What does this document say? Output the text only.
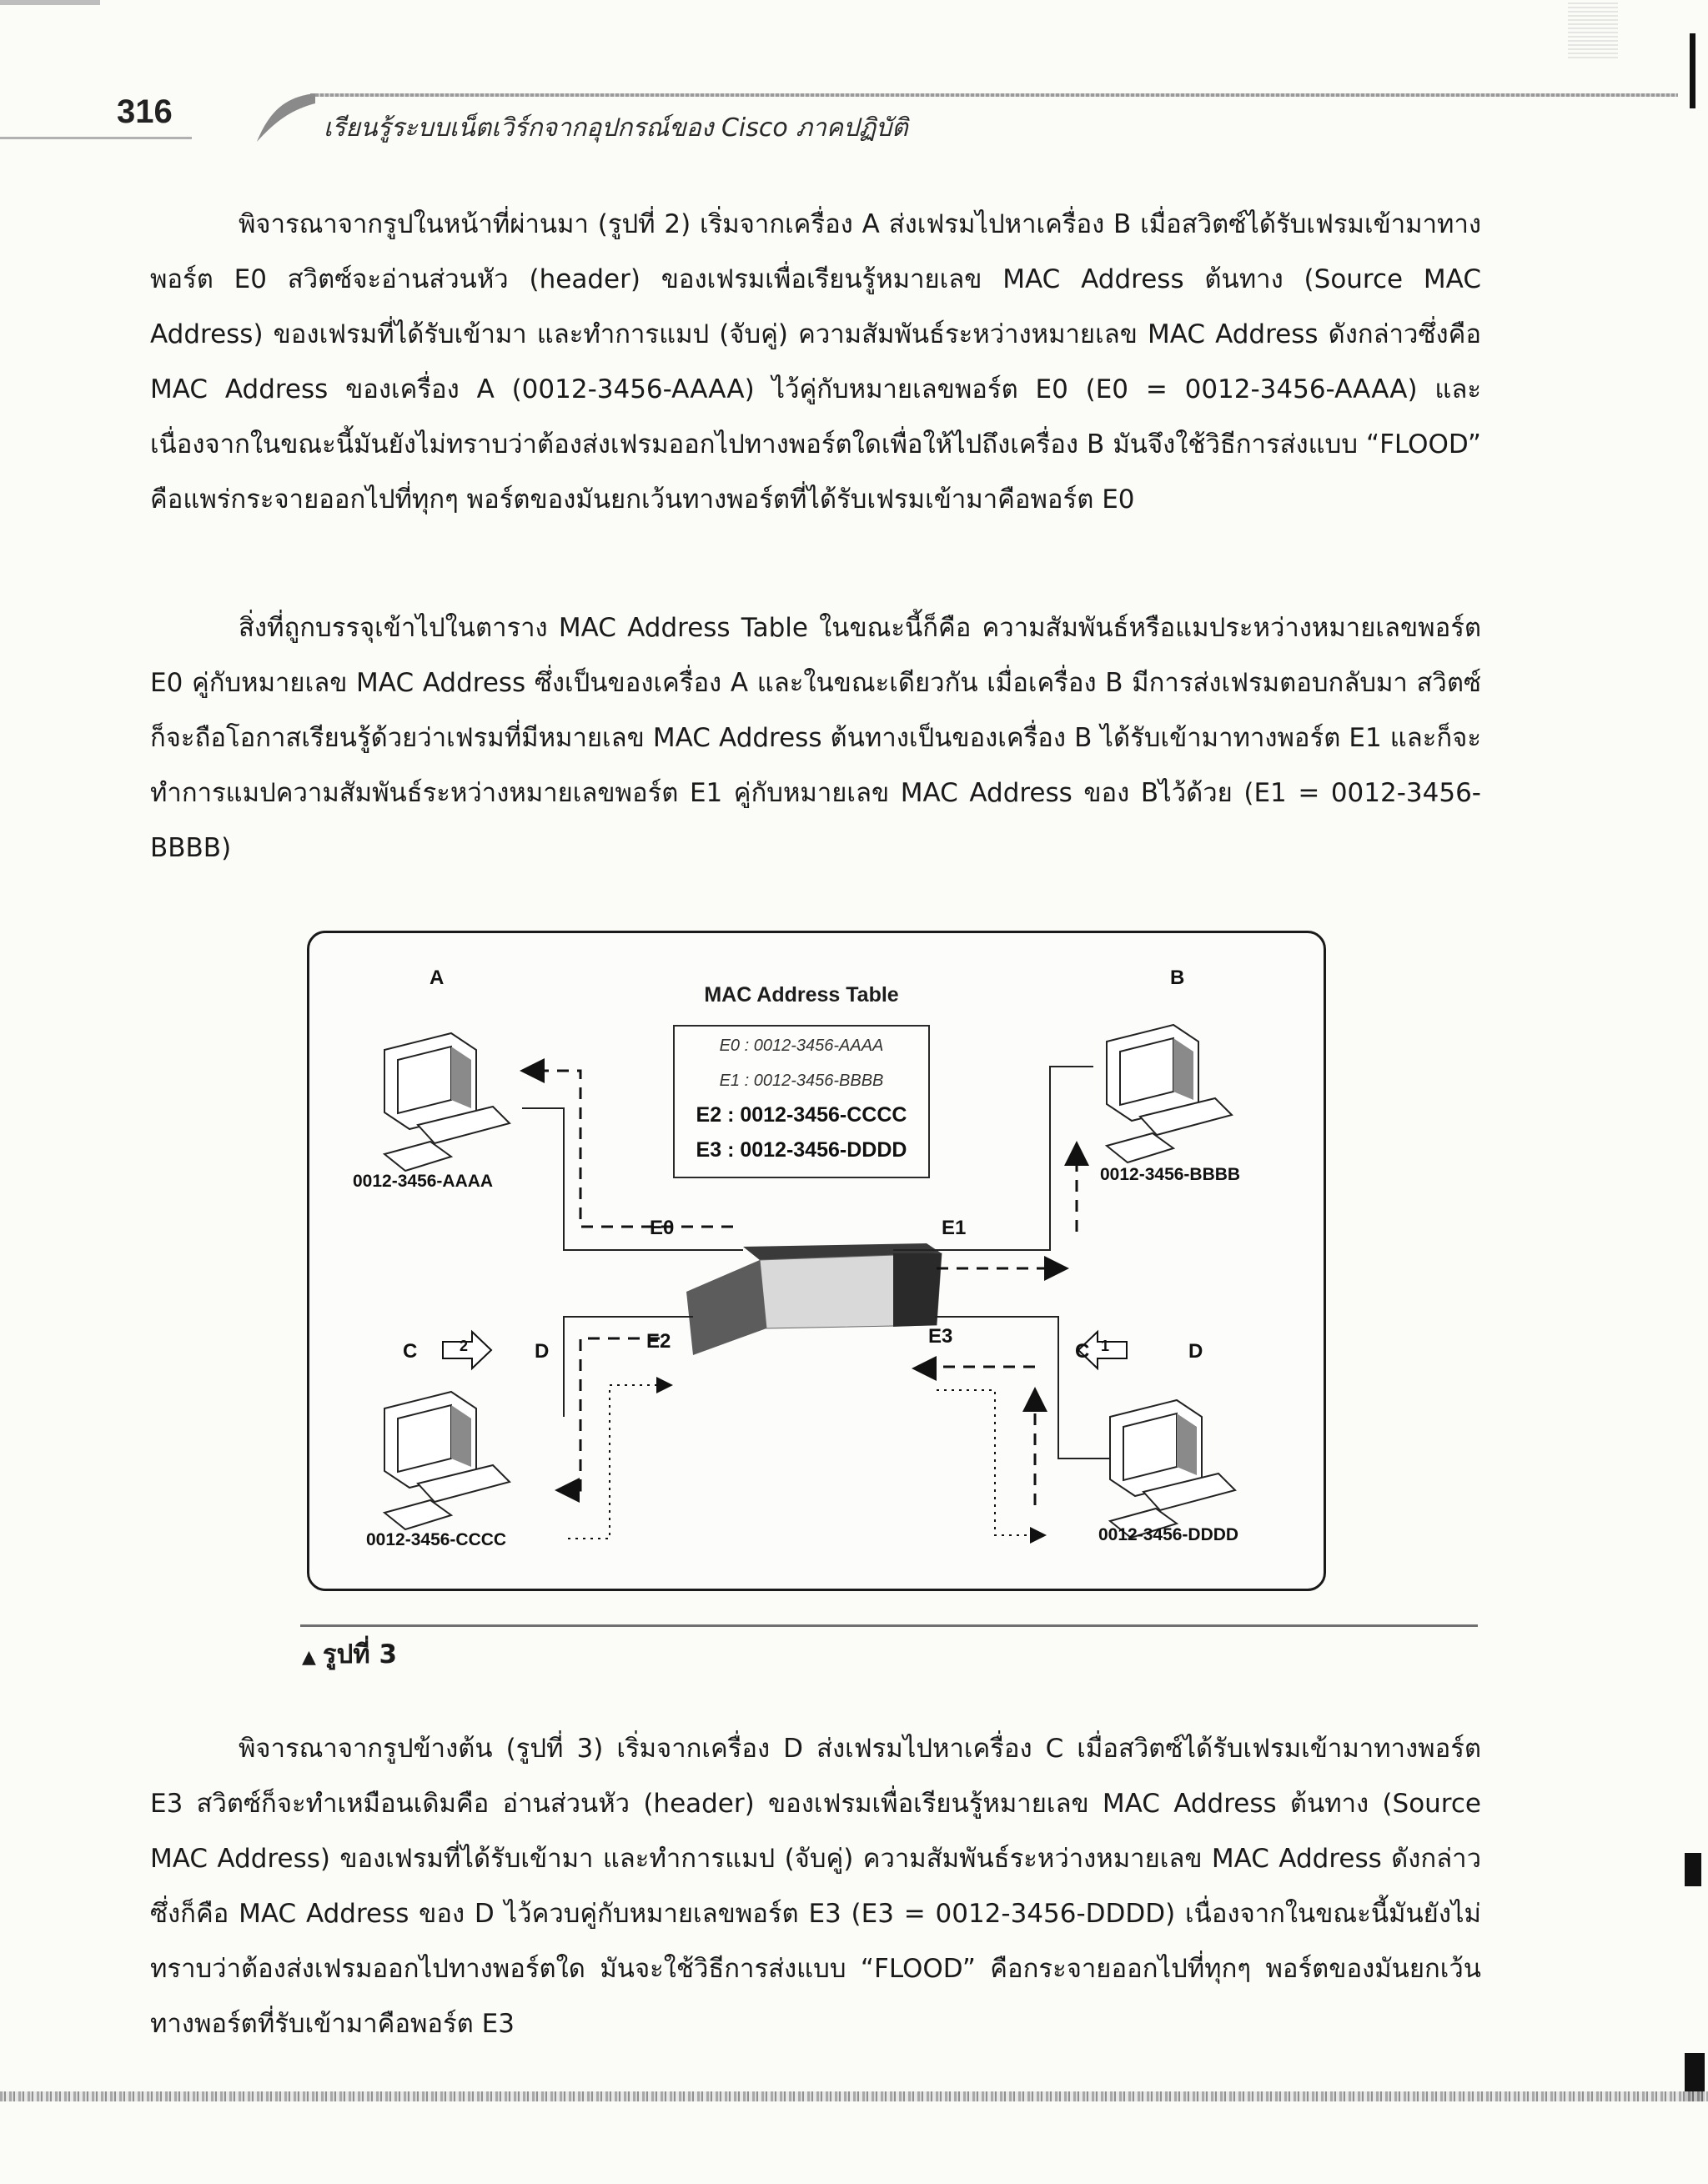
316	เรียนรู้ระบบเน็ตเวิร์กจากอุปกรณ์ของ Cisco ภาคปฏิบัติ

พิจารณาจากรูปในหน้าที่ผ่านมา (รูปที่ 2) เริ่มจากเครื่อง A ส่งเฟรมไปหาเครื่อง B เมื่อสวิตซ์ได้รับเฟรมเข้ามาทางพอร์ต E0 สวิตซ์จะอ่านส่วนหัว (header) ของเฟรมเพื่อเรียนรู้หมายเลข MAC Address ต้นทาง (Source MAC Address) ของเฟรมที่ได้รับเข้ามา และทำการแมป (จับคู่) ความสัมพันธ์ระหว่างหมายเลข MAC Address ดังกล่าวซึ่งคือ MAC Address ของเครื่อง A (0012-3456-AAAA) ไว้คู่กับหมายเลขพอร์ต E0 (E0 = 0012-3456-AAAA) และเนื่องจากในขณะนี้มันยังไม่ทราบว่าต้องส่งเฟรมออกไปทางพอร์ตใดเพื่อให้ไปถึงเครื่อง B มันจึงใช้วิธีการส่งแบบ “FLOOD” คือแพร่กระจายออกไปที่ทุกๆ พอร์ตของมันยกเว้นทางพอร์ตที่ได้รับเฟรมเข้ามาคือพอร์ต E0

สิ่งที่ถูกบรรจุเข้าไปในตาราง MAC Address Table ในขณะนี้ก็คือ ความสัมพันธ์หรือแมประหว่างหมายเลขพอร์ต E0 คู่กับหมายเลข MAC Address ซึ่งเป็นของเครื่อง A และในขณะเดียวกัน เมื่อเครื่อง B มีการส่งเฟรมตอบกลับมา สวิตซ์ก็จะถือโอกาสเรียนรู้ด้วยว่าเฟรมที่มีหมายเลข MAC Address ต้นทางเป็นของเครื่อง B ได้รับเข้ามาทางพอร์ต E1 และก็จะทำการแมปความสัมพันธ์ระหว่างหมายเลขพอร์ต E1 คู่กับหมายเลข MAC Address ของ Bไว้ด้วย (E1 = 0012-3456-BBBB)

A
0012-3456-AAAA
B
0012-3456-BBBB
0012-3456-CCCC	0012-3456-DDDD
C	2	D	C 1	D
E0	E1
E2	E3
MAC Address Table
E0 : 0012-3456-AAAA
E1 : 0012-3456-BBBB
E2 : 0012-3456-CCCC
E3 : 0012-3456-DDDD
▲ รูปที่ 3

พิจารณาจากรูปข้างต้น (รูปที่ 3) เริ่มจากเครื่อง D ส่งเฟรมไปหาเครื่อง C เมื่อสวิตซ์ได้รับเฟรมเข้ามาทางพอร์ต E3 สวิตซ์ก็จะทำเหมือนเดิมคือ อ่านส่วนหัว (header) ของเฟรมเพื่อเรียนรู้หมายเลข MAC Address ต้นทาง (Source MAC Address) ของเฟรมที่ได้รับเข้ามา และทำการแมป (จับคู่) ความสัมพันธ์ระหว่างหมายเลข MAC Address ดังกล่าวซึ่งก็คือ MAC Address ของ D ไว้ควบคู่กับหมายเลขพอร์ต E3 (E3 = 0012-3456-DDDD) เนื่องจากในขณะนี้มันยังไม่ทราบว่าต้องส่งเฟรมออกไปทางพอร์ตใด มันจะใช้วิธีการส่งแบบ “FLOOD” คือกระจายออกไปที่ทุกๆ พอร์ตของมันยกเว้นทางพอร์ตที่รับเข้ามาคือพอร์ต E3
